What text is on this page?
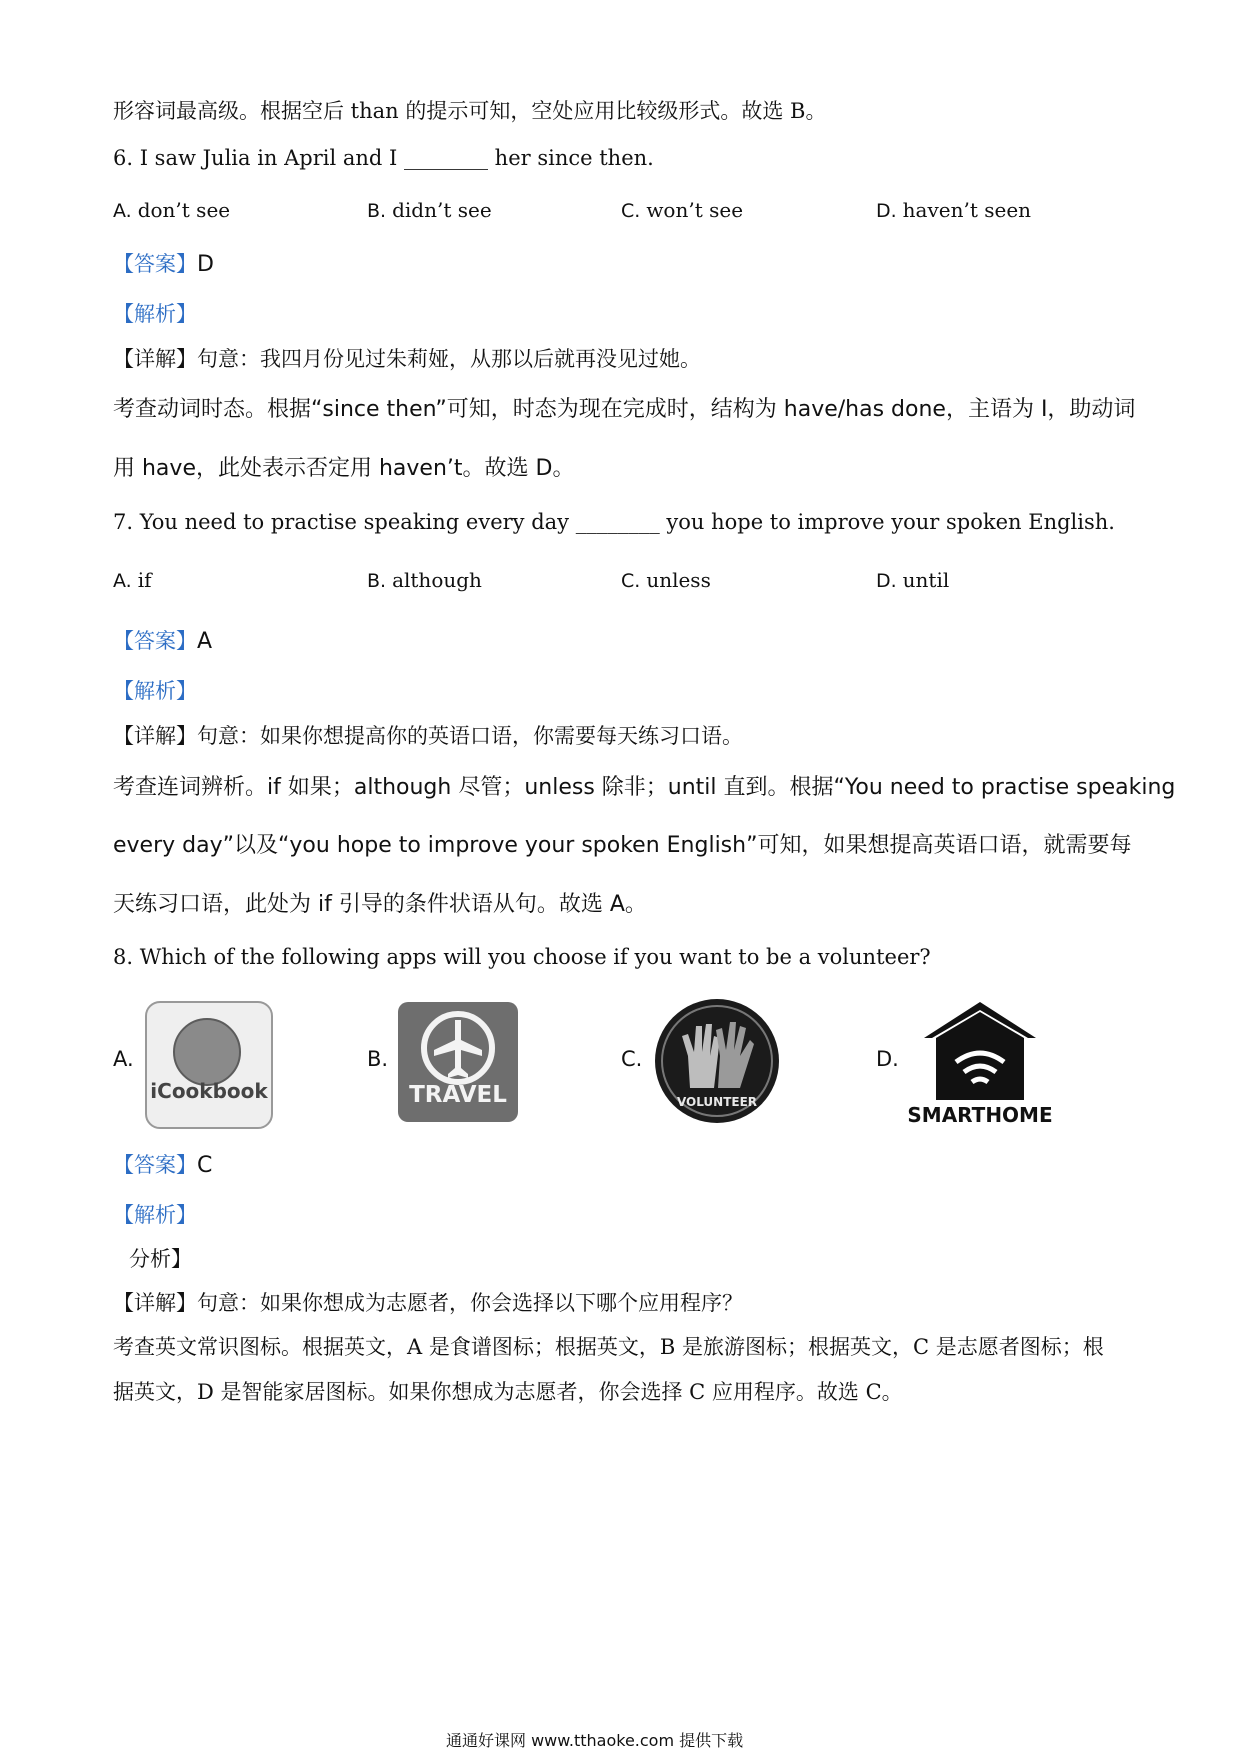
形容词最高级。根据空后 than 的提示可知，空处应用比较级形式。故选 B。
6. I saw Julia in April and I ________ her since then.
A. don’t see	B. didn’t see	C. won’t see	D. haven’t seen
【答案】D
【解析】
【详解】句意：我四月份见过朱莉娅，从那以后就再没见过她。
考查动词时态。根据“since then”可知，时态为现在完成时，结构为 have/has done，主语为 I，助动词
用 have，此处表示否定用 haven’t。故选 D。
7. You need to practise speaking every day ________ you hope to improve your spoken English.
A. if	B. although	C. unless	D. until
【答案】A
【解析】
【详解】句意：如果你想提高你的英语口语，你需要每天练习口语。
考查连词辨析。if 如果；although 尽管；unless 除非；until 直到。根据“You need to practise speaking
every day”以及“you hope to improve your spoken English”可知，如果想提高英语口语，就需要每
天练习口语，此处为 if 引导的条件状语从句。故选 A。
8. Which of the following apps will you choose if you want to be a volunteer?
A.
iCookbook
B.
TRAVEL
C.
VOLUNTEER
D.
SMARTHOME
【答案】C
【解析】
分析】
【详解】句意：如果你想成为志愿者，你会选择以下哪个应用程序？
考查英文常识图标。根据英文，A 是食谱图标；根据英文，B 是旅游图标；根据英文，C 是志愿者图标；根
据英文，D 是智能家居图标。如果你想成为志愿者，你会选择 C 应用程序。故选 C。
通通好课网 www.tthaoke.com 提供下载
